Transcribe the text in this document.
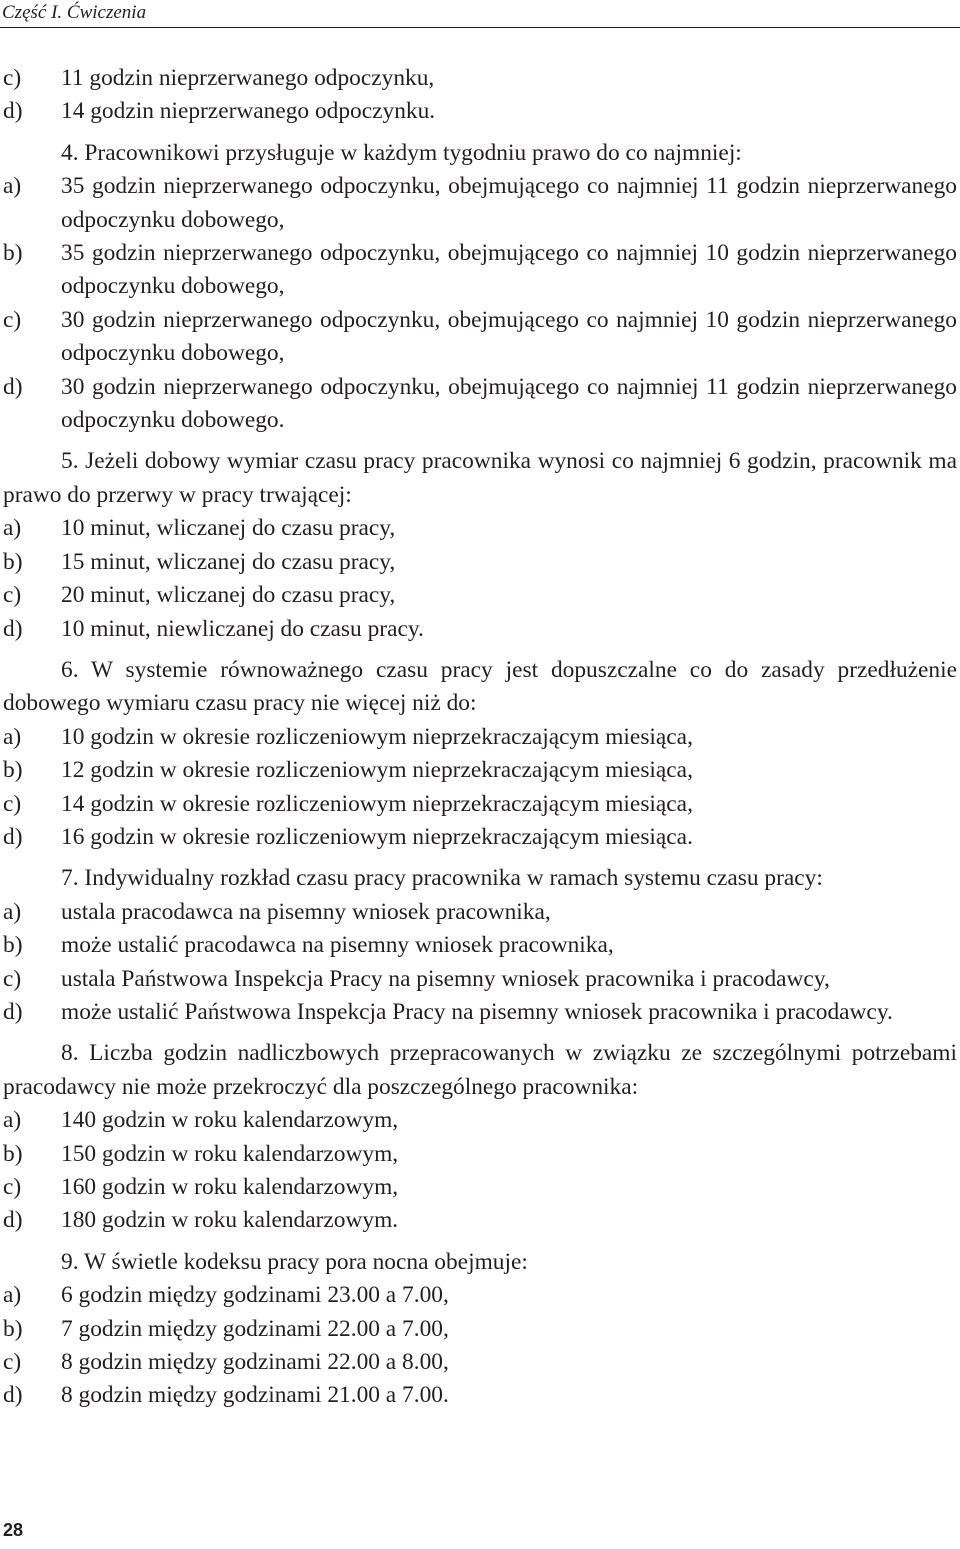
Część I. Ćwiczenia
c)	11 godzin nieprzerwanego odpoczynku,
d)	14 godzin nieprzerwanego odpoczynku.

4. Pracownikowi przysługuje w każdym tygodniu prawo do co najmniej:

a)	35 godzin nieprzerwanego odpoczynku, obejmującego co najmniej 11 godzin nieprzerwanego odpoczynku dobowego,
b)	35 godzin nieprzerwanego odpoczynku, obejmującego co najmniej 10 godzin nieprzerwanego odpoczynku dobowego,
c)	30 godzin nieprzerwanego odpoczynku, obejmującego co najmniej 10 godzin nieprzerwanego odpoczynku dobowego,
d)	30 godzin nieprzerwanego odpoczynku, obejmującego co najmniej 11 godzin nieprzerwanego odpoczynku dobowego.

5. Jeżeli dobowy wymiar czasu pracy pracownika wynosi co najmniej 6 godzin, pracownik ma prawo do przerwy w pracy trwającej:

a)	10 minut, wliczanej do czasu pracy,
b)	15 minut, wliczanej do czasu pracy,
c)	20 minut, wliczanej do czasu pracy,
d)	10 minut, niewliczanej do czasu pracy.

6. W systemie równoważnego czasu pracy jest dopuszczalne co do zasady przedłużenie dobowego wymiaru czasu pracy nie więcej niż do:

a)	10 godzin w okresie rozliczeniowym nieprzekraczającym miesiąca,
b)	12 godzin w okresie rozliczeniowym nieprzekraczającym miesiąca,
c)	14 godzin w okresie rozliczeniowym nieprzekraczającym miesiąca,
d)	16 godzin w okresie rozliczeniowym nieprzekraczającym miesiąca.

7. Indywidualny rozkład czasu pracy pracownika w ramach systemu czasu pracy:

a)	ustala pracodawca na pisemny wniosek pracownika,
b)	może ustalić pracodawca na pisemny wniosek pracownika,
c)	ustala Państwowa Inspekcja Pracy na pisemny wniosek pracownika i pracodawcy,
d)	może ustalić Państwowa Inspekcja Pracy na pisemny wniosek pracownika i pracodawcy.

8. Liczba godzin nadliczbowych przepracowanych w związku ze szczególnymi potrzebami pracodawcy nie może przekroczyć dla poszczególnego pracownika:

a)	140 godzin w roku kalendarzowym,
b)	150 godzin w roku kalendarzowym,
c)	160 godzin w roku kalendarzowym,
d)	180 godzin w roku kalendarzowym.

9. W świetle kodeksu pracy pora nocna obejmuje:

a)	6 godzin między godzinami 23.00 a 7.00,
b)	7 godzin między godzinami 22.00 a 7.00,
c)	8 godzin między godzinami 22.00 a 8.00,
d)	8 godzin między godzinami 21.00 a 7.00.
28
